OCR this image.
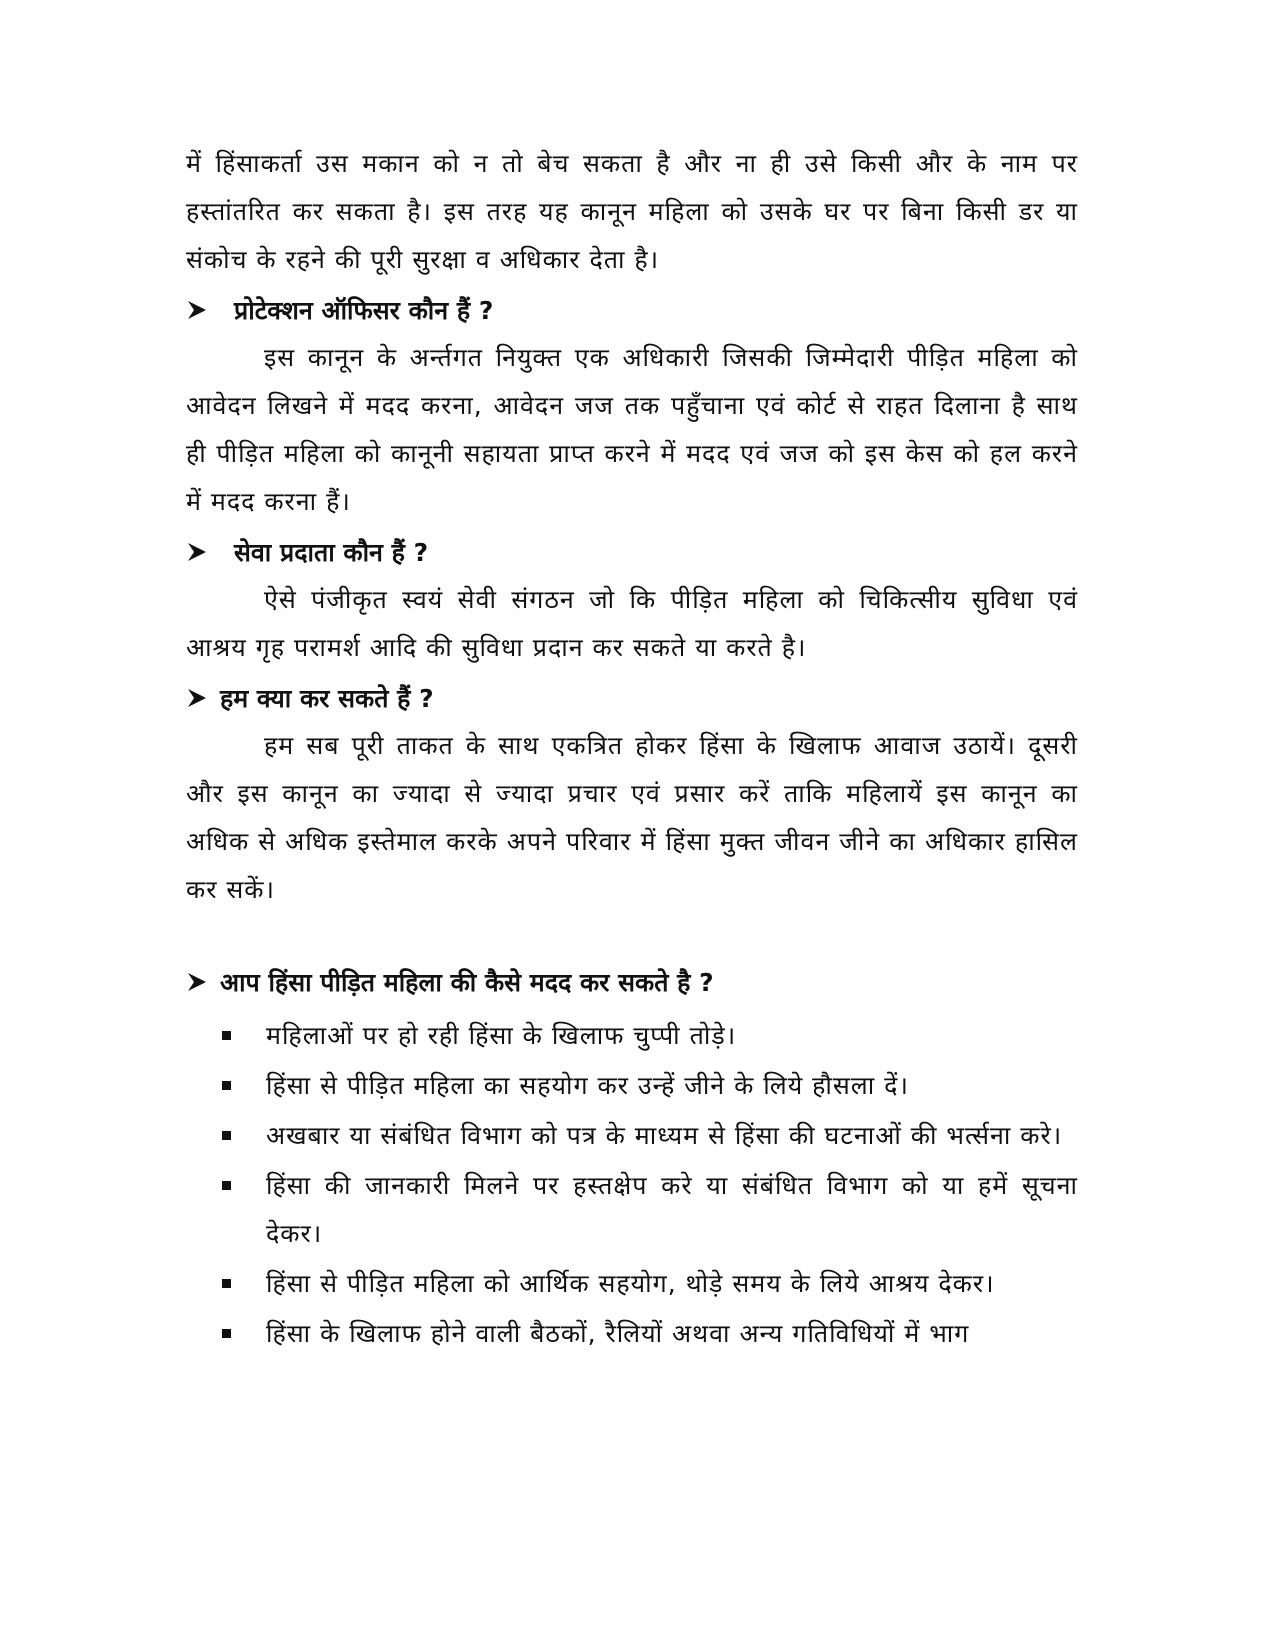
में हिंसाकर्ता उस मकान को न तो बेच सकता है और ना ही उसे किसी और के नाम पर हस्तांतरित कर सकता है। इस तरह यह कानून महिला को उसके घर पर बिना किसी डर या संकोच के रहने की पूरी सुरक्षा व अधिकार देता है।

प्रोटेक्शन ऑफिसर कौन हैं ?

इस कानून के अर्न्तगत नियुक्त एक अधिकारी जिसकी जिम्मेदारी पीड़ित महिला को आवेदन लिखने में मदद करना, आवेदन जज तक पहुँचाना एवं कोर्ट से राहत दिलाना है साथ ही पीड़ित महिला को कानूनी सहायता प्राप्त करने में मदद एवं जज को इस केस को हल करने में मदद करना हैं।

सेवा प्रदाता कौन हैं ?

ऐसे पंजीकृत स्वयं सेवी संगठन जो कि पीड़ित महिला को चिकित्सीय सुविधा एवं आश्रय गृह परामर्श आदि की सुविधा प्रदान कर सकते या करते है।

हम क्या कर सकते हैं ?

हम सब पूरी ताकत के साथ एकत्रित होकर हिंसा के खिलाफ आवाज उठायें। दूसरी और इस कानून का ज्यादा से ज्यादा प्रचार एवं प्रसार करें ताकि महिलायें इस कानून का अधिक से अधिक इस्तेमाल करके अपने परिवार में हिंसा मुक्त जीवन जीने का अधिकार हासिल कर सकें।

आप हिंसा पीड़ित महिला की कैसे मदद कर सकते है ?
महिलाओं पर हो रही हिंसा के खिलाफ चुप्पी तोड़े।
हिंसा से पीड़ित महिला का सहयोग कर उन्हें जीने के लिये हौसला दें।
अखबार या संबंधित विभाग को पत्र के माध्यम से हिंसा की घटनाओं की भर्त्सना करे।
हिंसा की जानकारी मिलने पर हस्तक्षेप करे या संबंधित विभाग को या हमें सूचना देकर।
हिंसा से पीड़ित महिला को आर्थिक सहयोग, थोड़े समय के लिये आश्रय देकर।
हिंसा के खिलाफ होने वाली बैठकों, रैलियों अथवा अन्य गतिविधियों में भाग
